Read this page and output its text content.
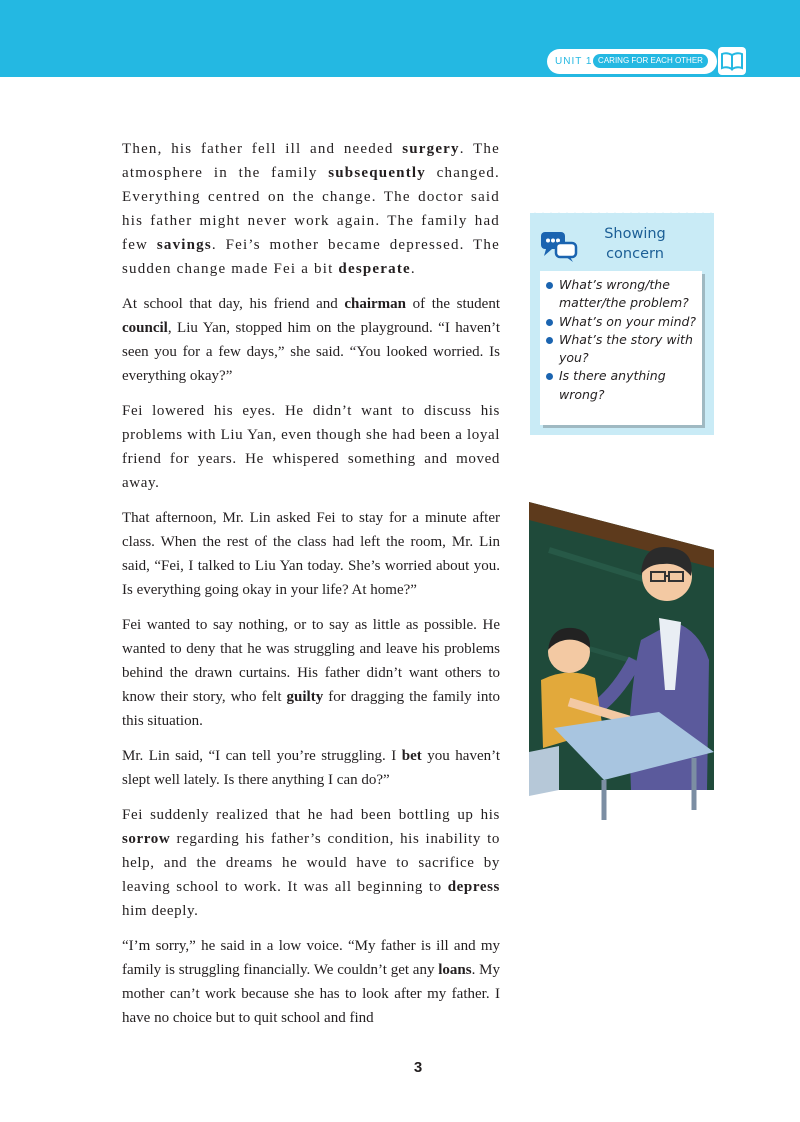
UNIT 1 CARING FOR EACH OTHER

Then, his father fell ill and needed surgery. The atmosphere in the family subsequently changed. Everything centred on the change. The doctor said his father might never work again. The family had few savings. Fei’s mother became depressed. The sudden change made Fei a bit desperate.

At school that day, his friend and chairman of the student council, Liu Yan, stopped him on the playground. “I haven’t seen you for a few days,” she said. “You looked worried. Is everything okay?”

Fei lowered his eyes. He didn’t want to discuss his problems with Liu Yan, even though she had been a loyal friend for years. He whispered something and moved away.

That afternoon, Mr. Lin asked Fei to stay for a minute after class. When the rest of the class had left the room, Mr. Lin said, “Fei, I talked to Liu Yan today. She’s worried about you. Is everything going okay in your life? At home?”

Fei wanted to say nothing, or to say as little as possible. He wanted to deny that he was struggling and leave his problems behind the drawn curtains. His father didn’t want others to know their story, who felt guilty for dragging the family into this situation.

Mr. Lin said, “I can tell you’re struggling. I bet you haven’t slept well lately. Is there anything I can do?”

Fei suddenly realized that he had been bottling up his sorrow regarding his father’s condition, his inability to help, and the dreams he would have to sacrifice by leaving school to work. It was all beginning to depress him deeply.

“I’m sorry,” he said in a low voice. “My father is ill and my family is struggling financially. We couldn’t get any loans. My mother can’t work because she has to look after my father. I have no choice but to quit school and find

Showing concern
What’s wrong/the matter/the problem?
What’s on your mind?
What’s the story with you?
Is there anything wrong?
3
